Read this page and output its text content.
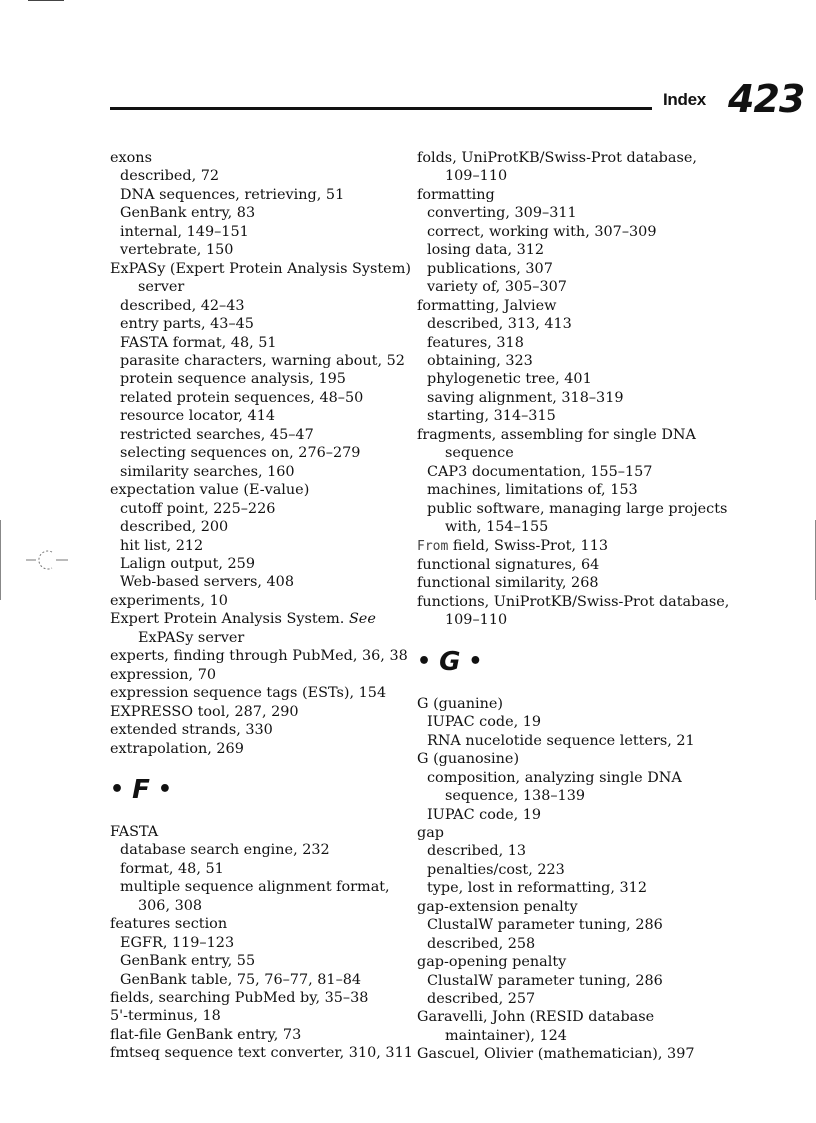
Index 423
exons
described, 72
DNA sequences, retrieving, 51
GenBank entry, 83
internal, 149–151
vertebrate, 150
ExPASy (Expert Protein Analysis System)
server
described, 42–43
entry parts, 43–45
FASTA format, 48, 51
parasite characters, warning about, 52
protein sequence analysis, 195
related protein sequences, 48–50
resource locator, 414
restricted searches, 45–47
selecting sequences on, 276–279
similarity searches, 160
expectation value (E-value)
cutoff point, 225–226
described, 200
hit list, 212
Lalign output, 259
Web-based servers, 408
experiments, 10
Expert Protein Analysis System. See
ExPASy server
experts, finding through PubMed, 36, 38
expression, 70
expression sequence tags (ESTs), 154
EXPRESSO tool, 287, 290
extended strands, 330
extrapolation, 269
• F •
FASTA
database search engine, 232
format, 48, 51
multiple sequence alignment format,
306, 308
features section
EGFR, 119–123
GenBank entry, 55
GenBank table, 75, 76–77, 81–84
fields, searching PubMed by, 35–38
5'-terminus, 18
flat-file GenBank entry, 73
fmtseq sequence text converter, 310, 311
folds, UniProtKB/Swiss-Prot database,
109–110
formatting
converting, 309–311
correct, working with, 307–309
losing data, 312
publications, 307
variety of, 305–307
formatting, Jalview
described, 313, 413
features, 318
obtaining, 323
phylogenetic tree, 401
saving alignment, 318–319
starting, 314–315
fragments, assembling for single DNA
sequence
CAP3 documentation, 155–157
machines, limitations of, 153
public software, managing large projects
with, 154–155
From field, Swiss-Prot, 113
functional signatures, 64
functional similarity, 268
functions, UniProtKB/Swiss-Prot database,
109–110
• G •
G (guanine)
IUPAC code, 19
RNA nucelotide sequence letters, 21
G (guanosine)
composition, analyzing single DNA
sequence, 138–139
IUPAC code, 19
gap
described, 13
penalties/cost, 223
type, lost in reformatting, 312
gap-extension penalty
ClustalW parameter tuning, 286
described, 258
gap-opening penalty
ClustalW parameter tuning, 286
described, 257
Garavelli, John (RESID database
maintainer), 124
Gascuel, Olivier (mathematician), 397
